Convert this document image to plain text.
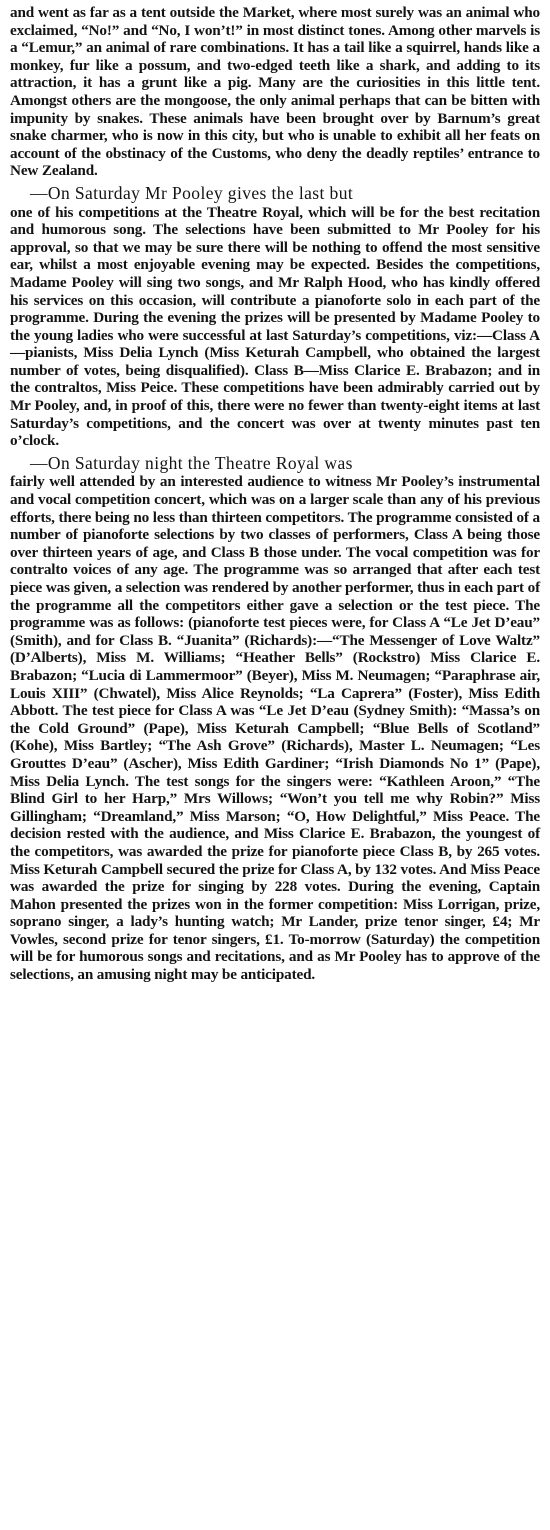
and went as far as a tent outside the Market, where most surely was an animal who exclaimed, “No!” and “No, I won’t!” in most distinct tones. Among other marvels is a “Lemur,” an animal of rare combinations. It has a tail like a squirrel, hands like a monkey, fur like a possum, and two-edged teeth like a shark, and adding to its attraction, it has a grunt like a pig. Many are the curiosities in this little tent. Amongst others are the mongoose, the only animal perhaps that can be bitten with impunity by snakes. These animals have been brought over by Barnum’s great snake charmer, who is now in this city, but who is unable to exhibit all her feats on account of the obstinacy of the Customs, who deny the deadly reptiles’ entrance to New Zealand.

—On Saturday Mr Pooley gives the last but
one of his competitions at the Theatre Royal, which will be for the best recitation and humorous song. The selections have been submitted to Mr Pooley for his approval, so that we may be sure there will be nothing to offend the most sensitive ear, whilst a most enjoyable evening may be expected. Besides the competitions, Madame Pooley will sing two songs, and Mr Ralph Hood, who has kindly offered his services on this occasion, will contribute a pianoforte solo in each part of the programme. During the evening the prizes will be presented by Madame Pooley to the young ladies who were successful at last Saturday’s competitions, viz:—Class A—pianists, Miss Delia Lynch (Miss Keturah Campbell, who obtained the largest number of votes, being disqualified). Class B—Miss Clarice E. Brabazon; and in the contraltos, Miss Peice. These competitions have been admirably carried out by Mr Pooley, and, in proof of this, there were no fewer than twenty-eight items at last Saturday’s competitions, and the concert was over at twenty minutes past ten o’clock.

—On Saturday night the Theatre Royal was
fairly well attended by an interested audience to witness Mr Pooley’s instrumental and vocal competition concert, which was on a larger scale than any of his previous efforts, there being no less than thirteen competitors. The programme consisted of a number of pianoforte selections by two classes of performers, Class A being those over thirteen years of age, and Class B those under. The vocal competition was for contralto voices of any age. The programme was so arranged that after each test piece was given, a selection was rendered by another performer, thus in each part of the programme all the competitors either gave a selection or the test piece. The programme was as follows: (pianoforte test pieces were, for Class A “Le Jet D’eau” (Smith), and for Class B. “Juanita” (Richards):—“The Messenger of Love Waltz” (D’Alberts), Miss M. Williams; “Heather Bells” (Rockstro) Miss Clarice E. Brabazon; “Lucia di Lammermoor” (Beyer), Miss M. Neumagen; “Paraphrase air, Louis XIII” (Chwatel), Miss Alice Reynolds; “La Caprera” (Foster), Miss Edith Abbott. The test piece for Class A was “Le Jet D’eau (Sydney Smith): “Massa’s on the Cold Ground” (Pape), Miss Keturah Campbell; “Blue Bells of Scotland” (Kohe), Miss Bartley; “The Ash Grove” (Richards), Master L. Neumagen; “Les Grouttes D’eau” (Ascher), Miss Edith Gardiner; “Irish Diamonds No 1” (Pape), Miss Delia Lynch. The test songs for the singers were: “Kathleen Aroon,” “The Blind Girl to her Harp,” Mrs Willows; “Won’t you tell me why Robin?” Miss Gillingham; “Dreamland,” Miss Marson; “O, How Delightful,” Miss Peace. The decision rested with the audience, and Miss Clarice E. Brabazon, the youngest of the competitors, was awarded the prize for pianoforte piece Class B, by 265 votes. Miss Keturah Campbell secured the prize for Class A, by 132 votes. And Miss Peace was awarded the prize for singing by 228 votes. During the evening, Captain Mahon presented the prizes won in the former competition: Miss Lorrigan, prize, soprano singer, a lady’s hunting watch; Mr Lander, prize tenor singer, £4; Mr Vowles, second prize for tenor singers, £1. To-morrow (Saturday) the competition will be for humorous songs and recitations, and as Mr Pooley has to approve of the selections, an amusing night may be anticipated.
